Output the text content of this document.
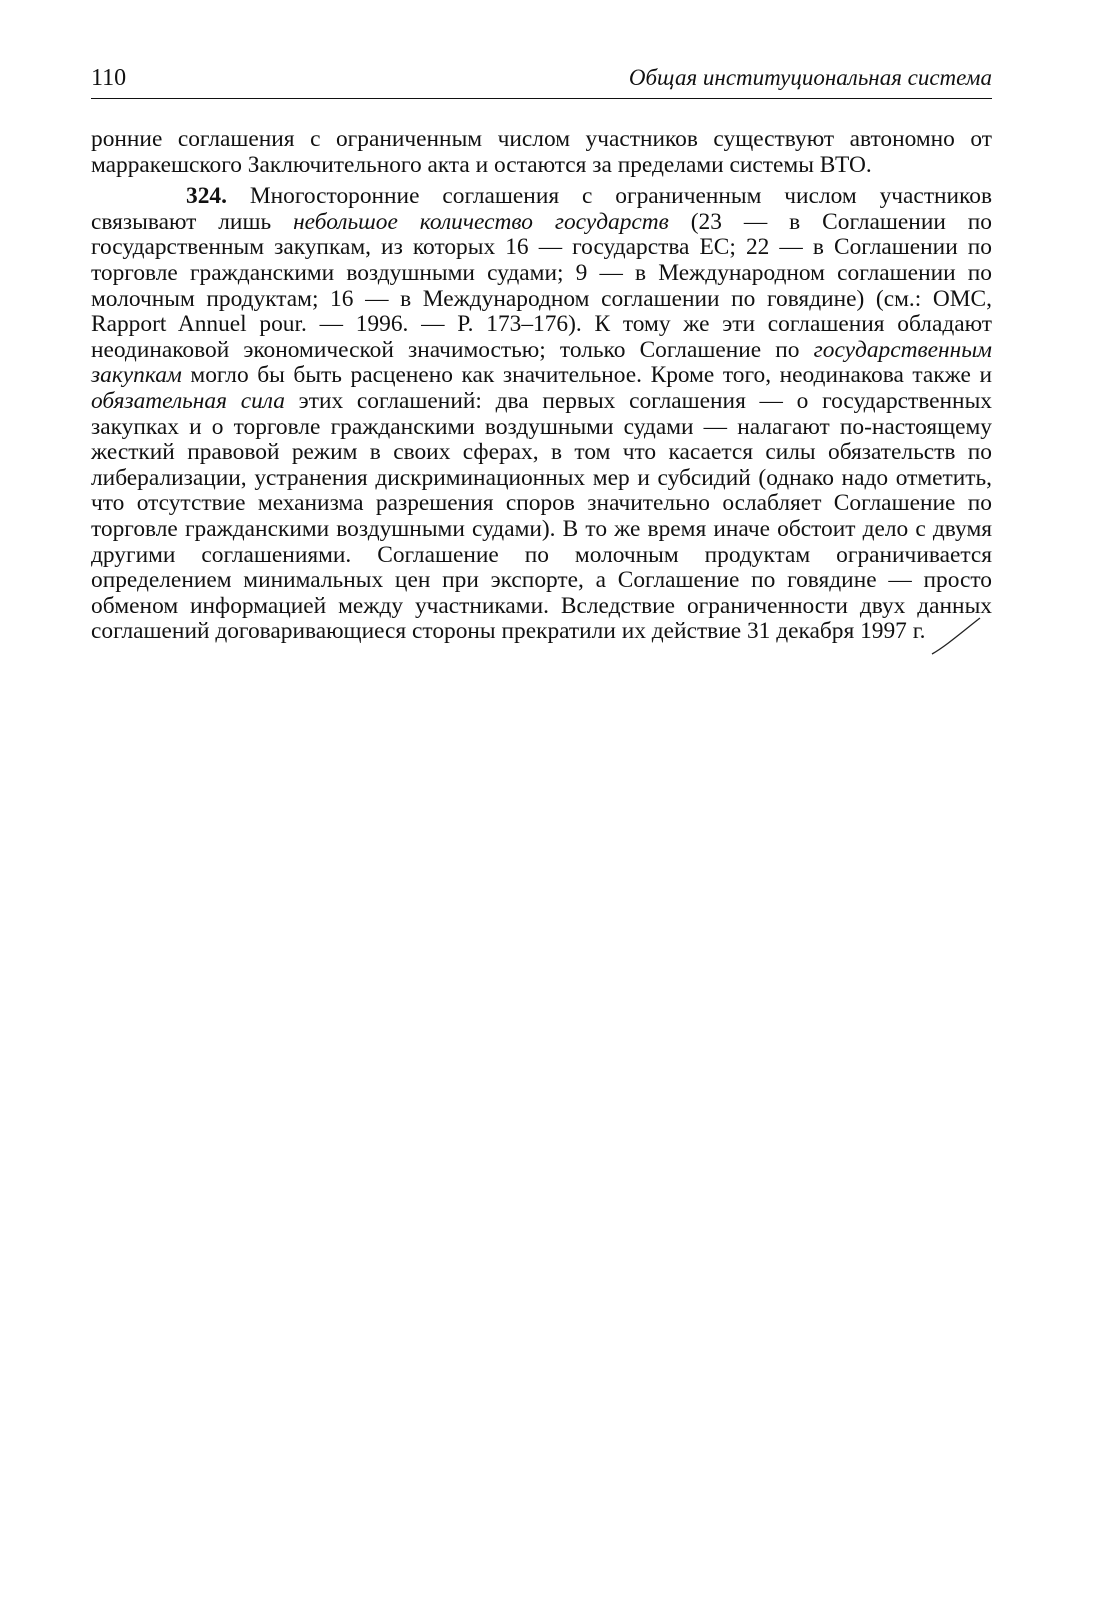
110	Общая институциональная система

ронние соглашения с ограниченным числом участников существуют автономно от марракешского Заключительного акта и остаются за пределами системы ВТО.

324. Многосторонние соглашения с ограниченным числом участников связывают лишь небольшое количество государств (23 — в Соглашении по государственным закупкам, из которых 16 — государства ЕС; 22 — в Соглашении по торговле гражданскими воздушными судами; 9 — в Международном соглашении по молочным продуктам; 16 — в Международном соглашении по говядине) (см.: ОМС, Rapport Annuel pour. — 1996. — P. 173–176). К тому же эти соглашения обладают неодинаковой экономической значимостью; только Соглашение по государственным закупкам могло бы быть расценено как значительное. Кроме того, неодинакова также и обязательная сила этих соглашений: два первых соглашения — о государственных закупках и о торговле гражданскими воздушными судами — налагают по-настоящему жесткий правовой режим в своих сферах, в том что касается силы обязательств по либерализации, устранения дискриминационных мер и субсидий (однако надо отметить, что отсутствие механизма разрешения споров значительно ослабляет Соглашение по торговле гражданскими воздушными судами). В то же время иначе обстоит дело с двумя другими соглашениями. Соглашение по молочным продуктам ограничивается определением минимальных цен при экспорте, а Соглашение по говядине — просто обменом информацией между участниками. Вследствие ограниченности двух данных соглашений договаривающиеся стороны прекратили их действие 31 декабря 1997 г.
